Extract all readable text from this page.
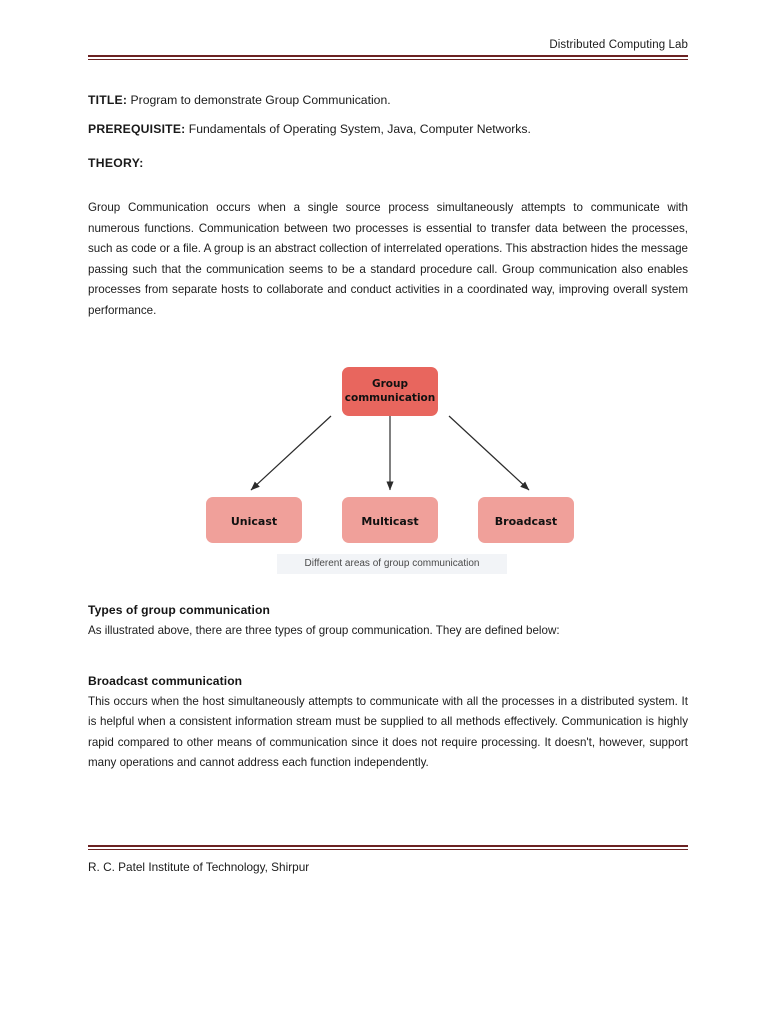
Distributed Computing Lab
TITLE: Program to demonstrate Group Communication.
PREREQUISITE: Fundamentals of Operating System, Java, Computer Networks.
THEORY:

Group Communication occurs when a single source process simultaneously attempts to communicate with numerous functions. Communication between two processes is essential to transfer data between the processes, such as code or a file. A group is an abstract collection of interrelated operations. This abstraction hides the message passing such that the communication seems to be a standard procedure call. Group communication also enables processes from separate hosts to collaborate and conduct activities in a coordinated way, improving overall system performance.

Group
communication
Unicast	Multicast	Broadcast
Different areas of group communication
Types of group communication

As illustrated above, there are three types of group communication. They are defined below:

Broadcast communication

This occurs when the host simultaneously attempts to communicate with all the processes in a distributed system. It is helpful when a consistent information stream must be supplied to all methods effectively. Communication is highly rapid compared to other means of communication since it does not require processing. It doesn't, however, support many operations and cannot address each function independently.

R. C. Patel Institute of Technology, Shirpur
